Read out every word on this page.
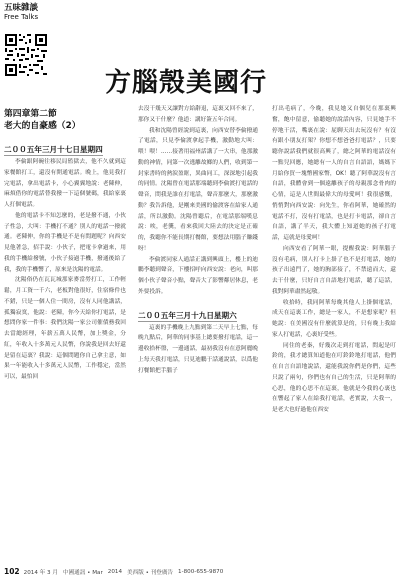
五味雜談
Free Talks
方腦殼美國行
第四章第二節
老大的自豪感（2）
二００五年三月十七日星期四

李倫跟阿碗往移民局監獄去，他不久就到這家餐館打工，還沒有開通電話。晚上，他見我打完電話，拿出電話卡，小心翼翼地說：老陳伸，麻煩借你的電話替我撥一下這個號碼，我給家裏人打個電話。

他的電話卡不知怎麼的，老是撥不通，小伙子性急，大叫：手機打不通？別人的電話一撥就通。老陳伸，你的手機是不是有問題呢？向西安見他著急，招手說：小伙子，把電卡拿過來，用我的手機給撥號，小伙子接過手機，撥通後給了我，我的手機響了，原來是沈陽的電話。

沈陽俗仍在瓦瓦城那家麥當勞打工，工作輕鬆，月工資一千六，老板對他很好，住宿條件也不錯，只是一個人住一間房，沒有人同他講話，孤獨寂寞，他說：老陳，你今天給你打電話，是想問你家一件事：我們沈陽一家公司催債務我回去當總經理，年薪五萬人民幣，加上獎金，分紅，年收入十多萬元人民幣，你說我是回去好還是留在這裏？我說：這個問題你自己拿主意，如果一年能收入十多萬元人民幣，工作穩定，當然可以，最怕回

去沒干幾天又讓對方給辭退，這裏又回不來了，那你又干什麼？他道：講好簽五年合同。

我和沈陽曾經說到這裏，向西安替李倫撥通了電話，只見李倫渡拿起手機，激動地大叫：喂！喂！……接著用福州話講了一大串，他那激動的神情，同第一次逃離故鄉的人們，收到第一封家書時的熱淚盈眶，異曲同工，深深地引起我的同情。沈陽曾在電話那端聽到李倫渡打電話的聲音，問我是誰在打電話，聲音那麼大，那麼激動？我告訴他，是剛來美國的偷渡客在給家人通話，所以激動。沈陽曾聽后，在電話那端嘆息說：唉，老龔，看來我回大陸去的決定是正確的，我聽你不能長期打餐館，要想法用腦子賺錢呀！

李倫渡同家人通話正講到興頭上，樓上的迪鵬李聽到聲音，下樓招呼向西安說：老向，叫那個小伙子聲音小點，聲音大了影響鄰居休息，老外要投訴。

二００五年三月十九日星期六

這裏的手機晚上九點到第二天早上七點，每晚九點后，阿華的同事基上總要撥打電話，這一邊收拾杯盤，一邊通話，最初我沒有在意阿麗晚上每天我打電話，只見迪鵬于話通說話，以爲他打餐館把手腦子

打出毛病了，今晚，我見她又自個兒在那裏興奮，飽中留意，偷聽她的說話內容，只見她手不停地干活，嘴裏在說：屁聊天出去玩沒有？有沒有跟小朋友打架？你想不想爸爸打電話？，只要聽你說話我們就很高興了，總之阿華的電話沒有一點兒回應，她總有一人的自言自語語，媽媽下月給你買一塊幣國家幣，OK！聽了阿華說沒有言自語，我體會到一個遠離孩子的母親那念骨肉的心情，這是人世間最偉大的母愛呵！我很感慨，悄悄對向西安說：向先生，你看阿華，她確然的電話不打，沒有打電話，也是打卡電話，卻自言自語，講了半天，我大體上知道她的孩子打電話，這就是母愛呵！

向西安看了阿華一眼，提醒我說：阿華腦子沒有毛病，別人打卡上掛了也不是打電話，她的孩子出遠門了，她的胸部接了，不禁遠而大，還去干什麼，只好自言自語地打電話，聽了這話，我對阿華肅然起敬。

收拾時，我同阿華每晚其他人上掛個電話，成天在這裏工作，總是一家人，不是想家呢？但她說：在美國沒有什麼就算是的，只有晚上我給家人打電話，心裏好受些。

同住的老秦，好幾次走到打電話，問起是叮鈴的，我才總算知道他在叮鈴鈴地打電話，他們在自言自語地說話，還能我說你們是你們，這些只說了兩句，你們也有自己的生活，只是阿華的心思，他的心思不在這裏，他就是今我的心裏也在響起了家人在給我打電話，老實說，大我一，是老大也好過他在西安

102 2014 年 3 月 中國通訊 • Mar 2014 美西版 • 刊登廣告 1-800-655-9870
